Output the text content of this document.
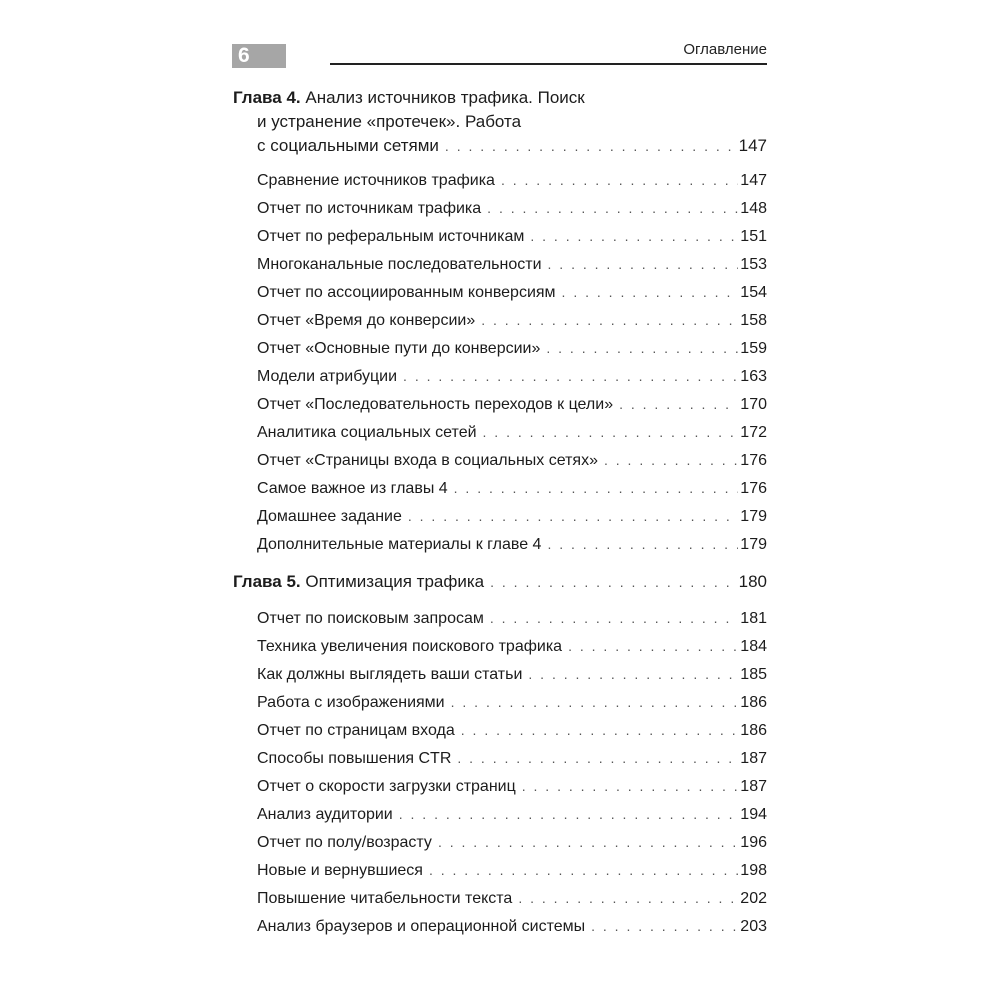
6	Оглавление
Глава 4. Анализ источников трафика. Поиск
и устранение «протечек». Работа
с социальными сетями . . .	147
Сравнение источников трафика . . .	147
Отчет по источникам трафика . . .	148
Отчет по реферальным источникам . . .	151
Многоканальные последовательности . . .	153
Отчет по ассоциированным конверсиям . . .	154
Отчет «Время до конверсии» . . .	158
Отчет «Основные пути до конверсии» . . .	159
Модели атрибуции . . .	163
Отчет «Последовательность переходов к цели» . . .	170
Аналитика социальных сетей . . .	172
Отчет «Страницы входа в социальных сетях» . . .	176
Самое важное из главы 4 . . .	176
Домашнее задание . . .	179
Дополнительные материалы к главе 4 . . .	179
Глава 5. Оптимизация трафика . . .	180
Отчет по поисковым запросам . . .	181
Техника увеличения поискового трафика . . .	184
Как должны выглядеть ваши статьи . . .	185
Работа с изображениями . . .	186
Отчет по страницам входа . . .	186
Способы повышения CTR . . .	187
Отчет о скорости загрузки страниц . . .	187
Анализ аудитории . . .	194
Отчет по полу/возрасту . . .	196
Новые и вернувшиеся . . .	198
Повышение читабельности текста . . .	202
Анализ браузеров и операционной системы . . .	203
